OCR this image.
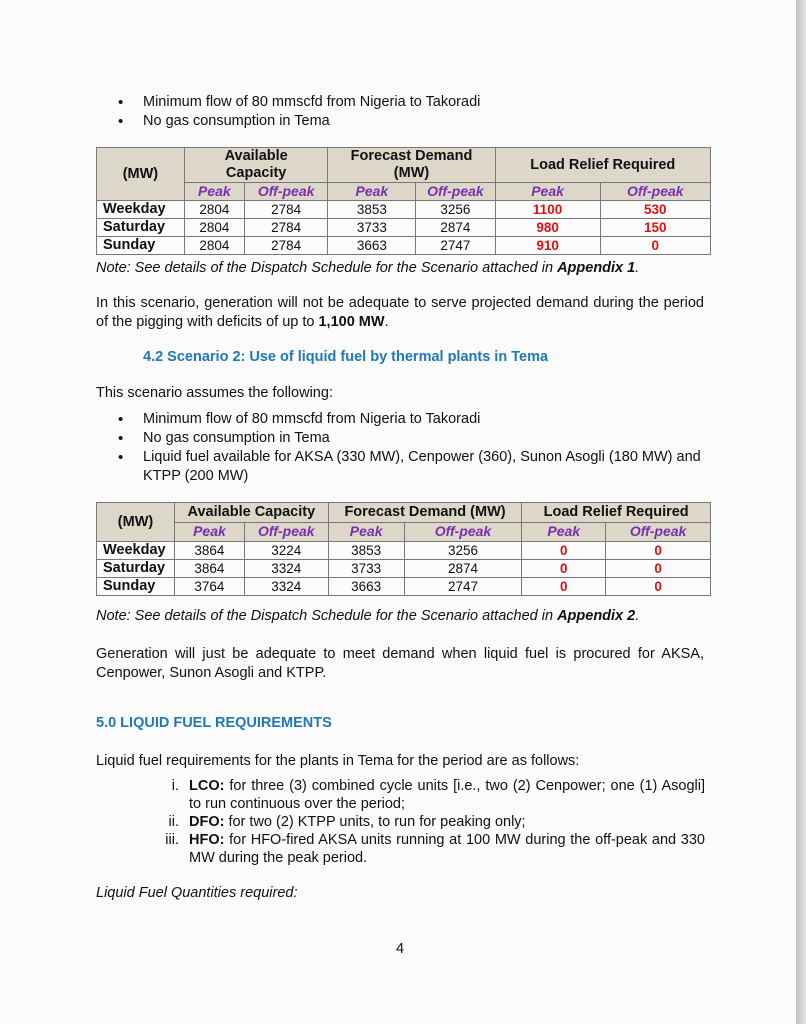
• Minimum flow of 80 mmscfd from Nigeria to Takoradi
• No gas consumption in Tema
(MW)	Available Capacity		Forecast Demand (MW)		Load Relief Required	
	Peak	Off-peak	Peak	Off-peak	Peak	Off-peak
Weekday	2804	2784	3853	3256	1100	530
Saturday	2804	2784	3733	2874	980	150
Sunday	2804	2784	3663	2747	910	0
Note: See details of the Dispatch Schedule for the Scenario attached in Appendix 1.
In this scenario, generation will not be adequate to serve projected demand during the period of the pigging with deficits of up to 1,100 MW.
4.2 Scenario 2: Use of liquid fuel by thermal plants in Tema
This scenario assumes the following:
• Minimum flow of 80 mmscfd from Nigeria to Takoradi
• No gas consumption in Tema
• Liquid fuel available for AKSA (330 MW), Cenpower (360), Sunon Asogli (180 MW) and KTPP (200 MW)
(MW)	Available Capacity		Forecast Demand (MW)		Load Relief Required	
	Peak	Off-peak	Peak	Off-peak	Peak	Off-peak
Weekday	3864	3224	3853	3256	0	0
Saturday	3864	3324	3733	2874	0	0
Sunday	3764	3324	3663	2747	0	0
Note: See details of the Dispatch Schedule for the Scenario attached in Appendix 2.
Generation will just be adequate to meet demand when liquid fuel is procured for AKSA, Cenpower, Sunon Asogli and KTPP.
5.0 LIQUID FUEL REQUIREMENTS
Liquid fuel requirements for the plants in Tema for the period are as follows:
i. LCO: for three (3) combined cycle units [i.e., two (2) Cenpower; one (1) Asogli] to run continuous over the period;
ii. DFO: for two (2) KTPP units, to run for peaking only;
iii. HFO: for HFO-fired AKSA units running at 100 MW during the off-peak and 330 MW during the peak period.
Liquid Fuel Quantities required:
4
